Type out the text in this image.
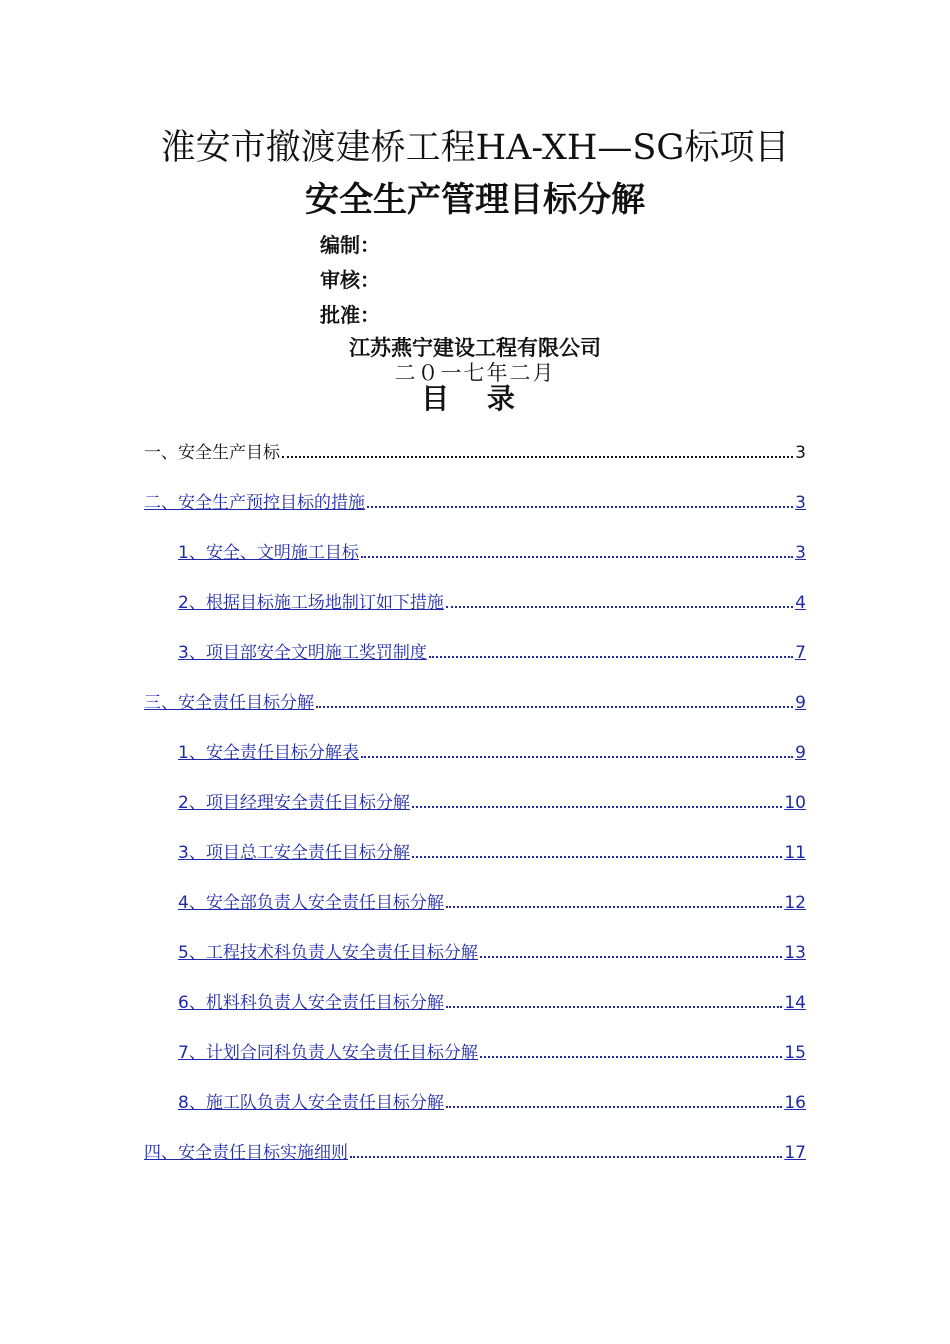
淮安市撤渡建桥工程HA-XH—SG标项目
安全生产管理目标分解
编制：
审核：
批准：
江苏燕宁建设工程有限公司
二０一七年二月
目 录
一、安全生产目标	3
二、安全生产预控目标的措施	3
1、安全、文明施工目标	3
2、根据目标施工场地制订如下措施	4
3、项目部安全文明施工奖罚制度	7
三、安全责任目标分解	9
1、安全责任目标分解表	9
2、项目经理安全责任目标分解	10
3、项目总工安全责任目标分解	11
4、安全部负责人安全责任目标分解	12
5、工程技术科负责人安全责任目标分解	13
6、机料科负责人安全责任目标分解	14
7、计划合同科负责人安全责任目标分解	15
8、施工队负责人安全责任目标分解	16
四、安全责任目标实施细则	17
